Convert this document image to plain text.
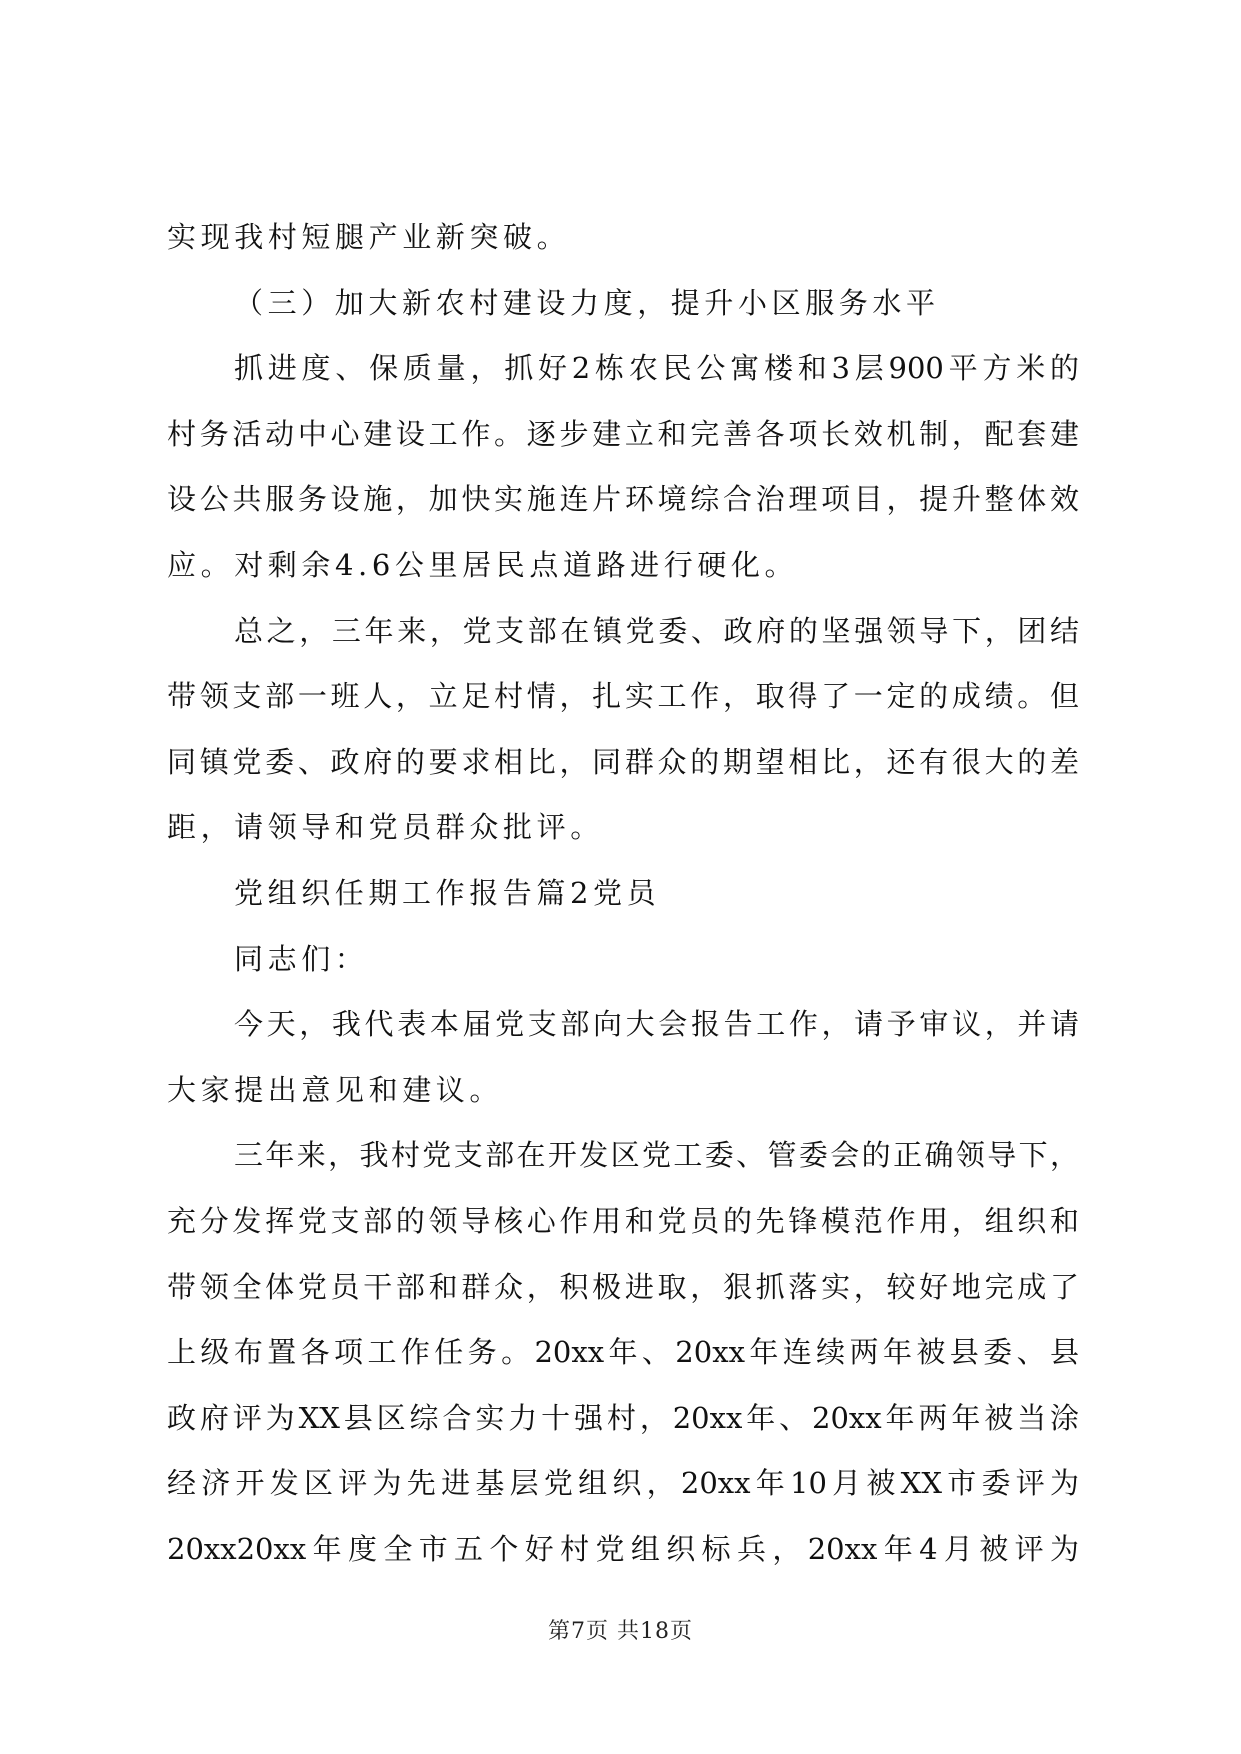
实现我村短腿产业新突破。
（三）加大新农村建设力度，提升小区服务水平
抓进度、保质量，抓好2栋农民公寓楼和3层900平方米的
村务活动中心建设工作。逐步建立和完善各项长效机制，配套建
设公共服务设施，加快实施连片环境综合治理项目，提升整体效
应。对剩余4.6公里居民点道路进行硬化。
总之，三年来，党支部在镇党委、政府的坚强领导下，团结
带领支部一班人，立足村情，扎实工作，取得了一定的成绩。但
同镇党委、政府的要求相比，同群众的期望相比，还有很大的差
距，请领导和党员群众批评。
党组织任期工作报告篇2党员
同志们：
今天，我代表本届党支部向大会报告工作，请予审议，并请
大家提出意见和建议。
三年来，我村党支部在开发区党工委、管委会的正确领导下，
充分发挥党支部的领导核心作用和党员的先锋模范作用，组织和
带领全体党员干部和群众，积极进取，狠抓落实，较好地完成了
上级布置各项工作任务。20xx年、20xx年连续两年被县委、县
政府评为XX县区综合实力十强村，20xx年、20xx年两年被当涂
经济开发区评为先进基层党组织，20xx年10月被XX市委评为
20xx20xx年度全市五个好村党组织标兵，20xx年4月被评为
第7页 共18页
